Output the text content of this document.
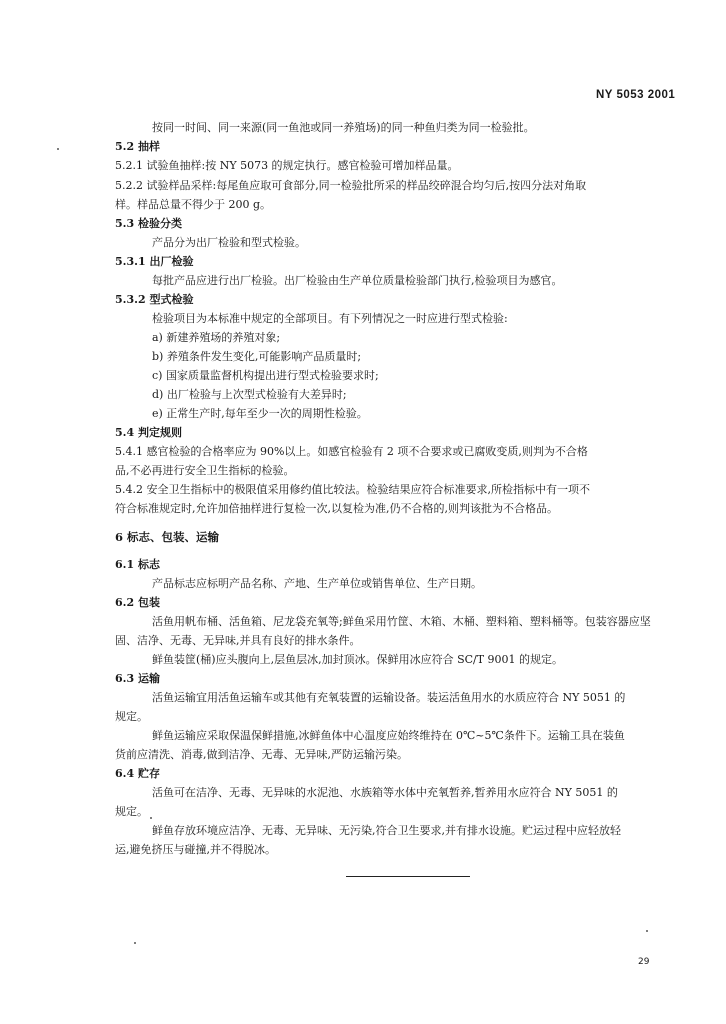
NY 5053 2001
按同一时间、同一来源(同一鱼池或同一养殖场)的同一种鱼归类为同一检验批。
5.2 抽样
5.2.1 试验鱼抽样:按 NY 5073 的规定执行。感官检验可增加样品量。
5.2.2 试验样品采样:每尾鱼应取可食部分,同一检验批所采的样品绞碎混合均匀后,按四分法对角取
样。样品总量不得少于 200 g。
5.3 检验分类
产品分为出厂检验和型式检验。
5.3.1 出厂检验
每批产品应进行出厂检验。出厂检验由生产单位质量检验部门执行,检验项目为感官。
5.3.2 型式检验
检验项目为本标准中规定的全部项目。有下列情况之一时应进行型式检验:
a) 新建养殖场的养殖对象;
b) 养殖条件发生变化,可能影响产品质量时;
c) 国家质量监督机构提出进行型式检验要求时;
d) 出厂检验与上次型式检验有大差异时;
e) 正常生产时,每年至少一次的周期性检验。
5.4 判定规则
5.4.1 感官检验的合格率应为 90%以上。如感官检验有 2 项不合要求或已腐败变质,则判为不合格
品,不必再进行安全卫生指标的检验。
5.4.2 安全卫生指标中的极限值采用修约值比较法。检验结果应符合标准要求,所检指标中有一项不
符合标准规定时,允许加倍抽样进行复检一次,以复检为准,仍不合格的,则判该批为不合格品。
6 标志、包装、运输
6.1 标志
产品标志应标明产品名称、产地、生产单位或销售单位、生产日期。
6.2 包装
活鱼用帆布桶、活鱼箱、尼龙袋充氧等;鲜鱼采用竹筐、木箱、木桶、塑料箱、塑料桶等。包装容器应坚
固、洁净、无毒、无异味,并具有良好的排水条件。
鲜鱼装筐(桶)应头腹向上,层鱼层冰,加封顶冰。保鲜用冰应符合 SC/T 9001 的规定。
6.3 运输
活鱼运输宜用活鱼运输车或其他有充氧装置的运输设备。装运活鱼用水的水质应符合 NY 5051 的
规定。
鲜鱼运输应采取保温保鲜措施,冰鲜鱼体中心温度应始终维持在 0℃~5℃条件下。运输工具在装鱼
货前应清洗、消毒,做到洁净、无毒、无异味,严防运输污染。
6.4 贮存
活鱼可在洁净、无毒、无异味的水泥池、水族箱等水体中充氧暂养,暂养用水应符合 NY 5051 的
规定。
鲜鱼存放环境应洁净、无毒、无异味、无污染,符合卫生要求,并有排水设施。贮运过程中应轻放轻
运,避免挤压与碰撞,并不得脱冰。
29
